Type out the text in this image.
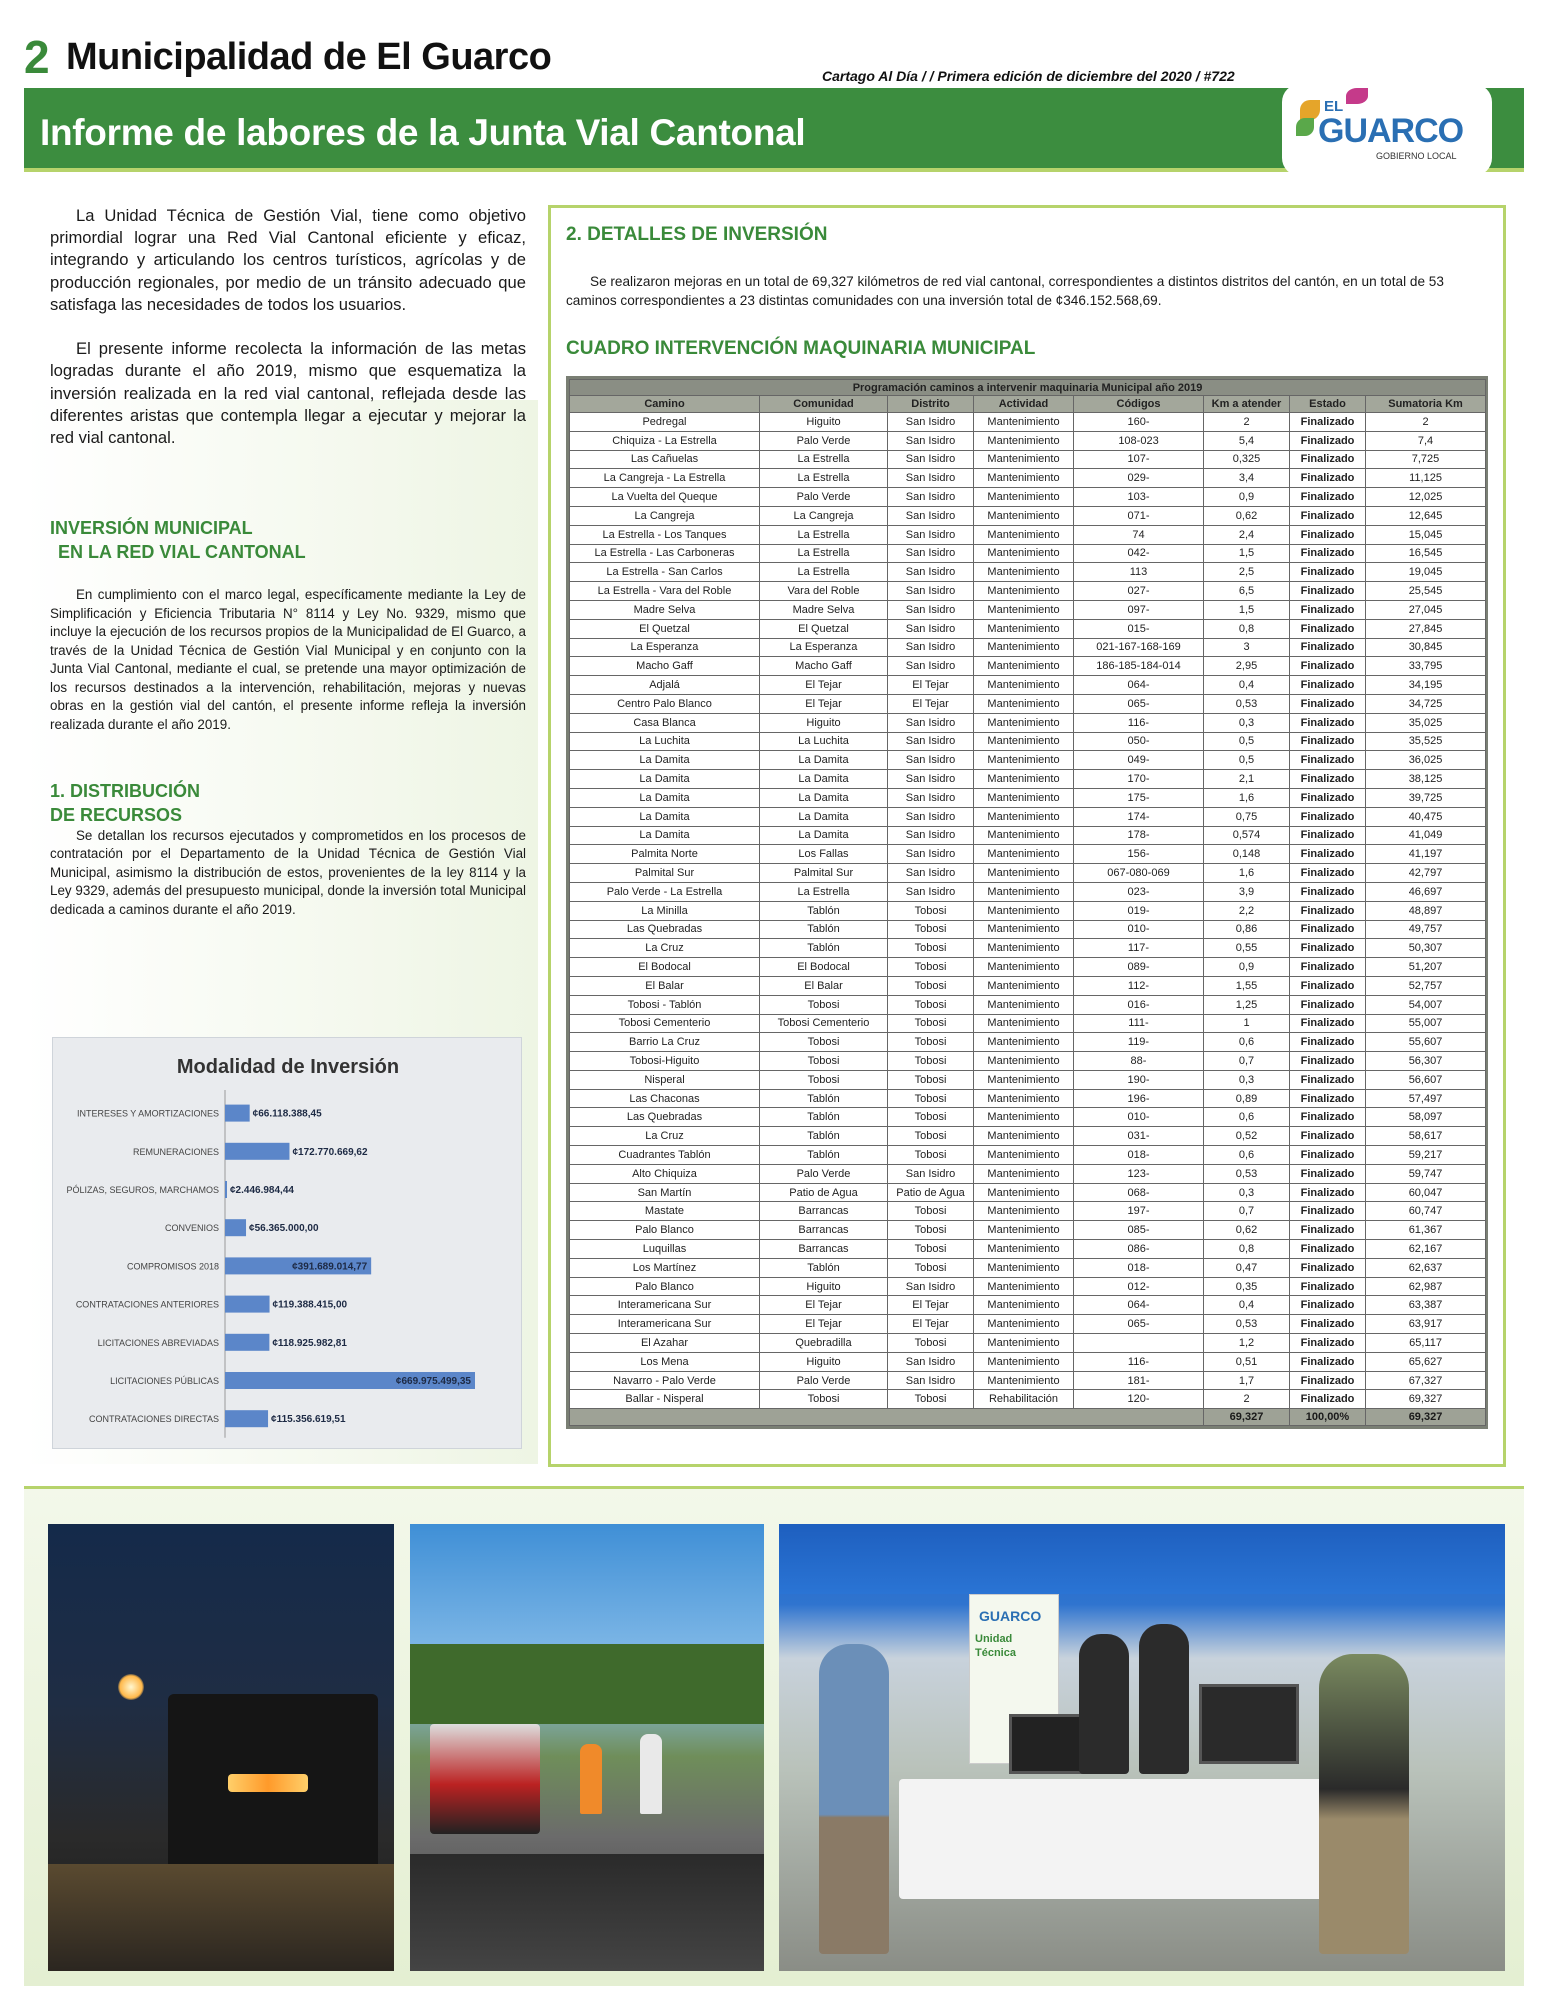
2 Municipalidad de El Guarco	Cartago Al Día / / Primera edición de diciembre del 2020 / #722
Informe de labores de la Junta Vial Cantonal
EL
GUARCO
GOBIERNO LOCAL

La Unidad Técnica de Gestión Vial, tiene como objetivo primordial lograr una Red Vial Cantonal eficiente y eficaz, integrando y articulando los centros turísticos, agrícolas y de producción regionales, por medio de un tránsito adecuado que satisfaga las necesidades de todos los usuarios.

El presente informe recolecta la información de las metas logradas durante el año 2019, mismo que esquematiza la inversión realizada en la red vial cantonal, reflejada desde las diferentes aristas que contempla llegar a ejecutar y mejorar la red vial cantonal.

INVERSIÓN MUNICIPAL
EN LA RED VIAL CANTONAL

En cumplimiento con el marco legal, específicamente mediante la Ley de Simplificación y Eficiencia Tributaria N° 8114 y Ley No. 9329, mismo que incluye la ejecución de los recursos propios de la Municipalidad de El Guarco, a través de la Unidad Técnica de Gestión Vial Municipal y en conjunto con la Junta Vial Cantonal, mediante el cual, se pretende una mayor optimización de los recursos destinados a la intervención, rehabilitación, mejoras y nuevas obras en la gestión vial del cantón, el presente informe refleja la inversión realizada durante el año 2019.

1. DISTRIBUCIÓN
DE RECURSOS

Se detallan los recursos ejecutados y comprometidos en los procesos de contratación por el Departamento de la Unidad Técnica de Gestión Vial Municipal, asimismo la distribución de estos, provenientes de la ley 8114 y la Ley 9329, además del presupuesto municipal, donde la inversión total Municipal dedicada a caminos durante el año 2019.

Modalidad de Inversión
INTERESES Y AMORTIZACIONES	¢66.118.388,45
REMUNERACIONES	¢172.770.669,62
PÓLIZAS, SEGUROS, MARCHAMOS ¢2.446.984,44
CONVENIOS	¢56.365.000,00
COMPROMISOS 2018	¢391.689.014,77
CONTRATACIONES ANTERIORES	¢119.388.415,00
LICITACIONES ABREVIADAS	¢118.925.982,81
LICITACIONES PÚBLICAS	¢669.975.499,35
CONTRATACIONES DIRECTAS	¢115.356.619,51
2. DETALLES DE INVERSIÓN

Se realizaron mejoras en un total de 69,327 kilómetros de red vial cantonal, correspondientes a distintos distritos del cantón, en un total de 53 caminos correspondientes a 23 distintas comunidades con una inversión total de ¢346.152.568,69.

CUADRO INTERVENCIÓN MAQUINARIA MUNICIPAL
Programación caminos a intervenir maquinaria Municipal año 2019							
Camino	Comunidad	Distrito	Actividad	Códigos	Km a atender	Estado	Sumatoria Km
Pedregal	Higuito	San Isidro	Mantenimiento	160-	2	Finalizado	2
Chiquiza - La Estrella	Palo Verde	San Isidro	Mantenimiento	108-023	5,4	Finalizado	7,4
Las Cañuelas	La Estrella	San Isidro	Mantenimiento	107-	0,325	Finalizado	7,725
La Cangreja - La Estrella	La Estrella	San Isidro	Mantenimiento	029-	3,4	Finalizado	11,125
La Vuelta del Queque	Palo Verde	San Isidro	Mantenimiento	103-	0,9	Finalizado	12,025
La Cangreja	La Cangreja	San Isidro	Mantenimiento	071-	0,62	Finalizado	12,645
La Estrella - Los Tanques	La Estrella	San Isidro	Mantenimiento	74	2,4	Finalizado	15,045
La Estrella - Las Carboneras	La Estrella	San Isidro	Mantenimiento	042-	1,5	Finalizado	16,545
La Estrella - San Carlos	La Estrella	San Isidro	Mantenimiento	113	2,5	Finalizado	19,045
La Estrella - Vara del Roble	Vara del Roble	San Isidro	Mantenimiento	027-	6,5	Finalizado	25,545
Madre Selva	Madre Selva	San Isidro	Mantenimiento	097-	1,5	Finalizado	27,045
El Quetzal	El Quetzal	San Isidro	Mantenimiento	015-	0,8	Finalizado	27,845
La Esperanza	La Esperanza	San Isidro	Mantenimiento	021-167-168-169	3	Finalizado	30,845
Macho Gaff	Macho Gaff	San Isidro	Mantenimiento	186-185-184-014	2,95	Finalizado	33,795
Adjalá	El Tejar	El Tejar	Mantenimiento	064-	0,4	Finalizado	34,195
Centro Palo Blanco	El Tejar	El Tejar	Mantenimiento	065-	0,53	Finalizado	34,725
Casa Blanca	Higuito	San Isidro	Mantenimiento	116-	0,3	Finalizado	35,025
La Luchita	La Luchita	San Isidro	Mantenimiento	050-	0,5	Finalizado	35,525
La Damita	La Damita	San Isidro	Mantenimiento	049-	0,5	Finalizado	36,025
La Damita	La Damita	San Isidro	Mantenimiento	170-	2,1	Finalizado	38,125
La Damita	La Damita	San Isidro	Mantenimiento	175-	1,6	Finalizado	39,725
La Damita	La Damita	San Isidro	Mantenimiento	174-	0,75	Finalizado	40,475
La Damita	La Damita	San Isidro	Mantenimiento	178-	0,574	Finalizado	41,049
Palmita Norte	Los Fallas	San Isidro	Mantenimiento	156-	0,148	Finalizado	41,197
Palmital Sur	Palmital Sur	San Isidro	Mantenimiento	067-080-069	1,6	Finalizado	42,797
Palo Verde - La Estrella	La Estrella	San Isidro	Mantenimiento	023-	3,9	Finalizado	46,697
La Minilla	Tablón	Tobosi	Mantenimiento	019-	2,2	Finalizado	48,897
Las Quebradas	Tablón	Tobosi	Mantenimiento	010-	0,86	Finalizado	49,757
La Cruz	Tablón	Tobosi	Mantenimiento	117-	0,55	Finalizado	50,307
El Bodocal	El Bodocal	Tobosi	Mantenimiento	089-	0,9	Finalizado	51,207
El Balar	El Balar	Tobosi	Mantenimiento	112-	1,55	Finalizado	52,757
Tobosi - Tablón	Tobosi	Tobosi	Mantenimiento	016-	1,25	Finalizado	54,007
Tobosi Cementerio	Tobosi Cementerio	Tobosi	Mantenimiento	111-	1	Finalizado	55,007
Barrio La Cruz	Tobosi	Tobosi	Mantenimiento	119-	0,6	Finalizado	55,607
Tobosi-Higuito	Tobosi	Tobosi	Mantenimiento	88-	0,7	Finalizado	56,307
Nisperal	Tobosi	Tobosi	Mantenimiento	190-	0,3	Finalizado	56,607
Las Chaconas	Tablón	Tobosi	Mantenimiento	196-	0,89	Finalizado	57,497
Las Quebradas	Tablón	Tobosi	Mantenimiento	010-	0,6	Finalizado	58,097
La Cruz	Tablón	Tobosi	Mantenimiento	031-	0,52	Finalizado	58,617
Cuadrantes Tablón	Tablón	Tobosi	Mantenimiento	018-	0,6	Finalizado	59,217
Alto Chiquiza	Palo Verde	San Isidro	Mantenimiento	123-	0,53	Finalizado	59,747
San Martín	Patio de Agua	Patio de Agua	Mantenimiento	068-	0,3	Finalizado	60,047
Mastate	Barrancas	Tobosi	Mantenimiento	197-	0,7	Finalizado	60,747
Palo Blanco	Barrancas	Tobosi	Mantenimiento	085-	0,62	Finalizado	61,367
Luquillas	Barrancas	Tobosi	Mantenimiento	086-	0,8	Finalizado	62,167
Los Martínez	Tablón	Tobosi	Mantenimiento	018-	0,47	Finalizado	62,637
Palo Blanco	Higuito	San Isidro	Mantenimiento	012-	0,35	Finalizado	62,987
Interamericana Sur	El Tejar	El Tejar	Mantenimiento	064-	0,4	Finalizado	63,387
Interamericana Sur	El Tejar	El Tejar	Mantenimiento	065-	0,53	Finalizado	63,917
El Azahar	Quebradilla	Tobosi	Mantenimiento		1,2	Finalizado	65,117
Los Mena	Higuito	San Isidro	Mantenimiento	116-	0,51	Finalizado	65,627
Navarro - Palo Verde	Palo Verde	San Isidro	Mantenimiento	181-	1,7	Finalizado	67,327
Ballar - Nisperal	Tobosi	Tobosi	Rehabilitación	120-	2	Finalizado	69,327
					69,327	100,00%	69,327
GUARCO
Unidad Técnica
